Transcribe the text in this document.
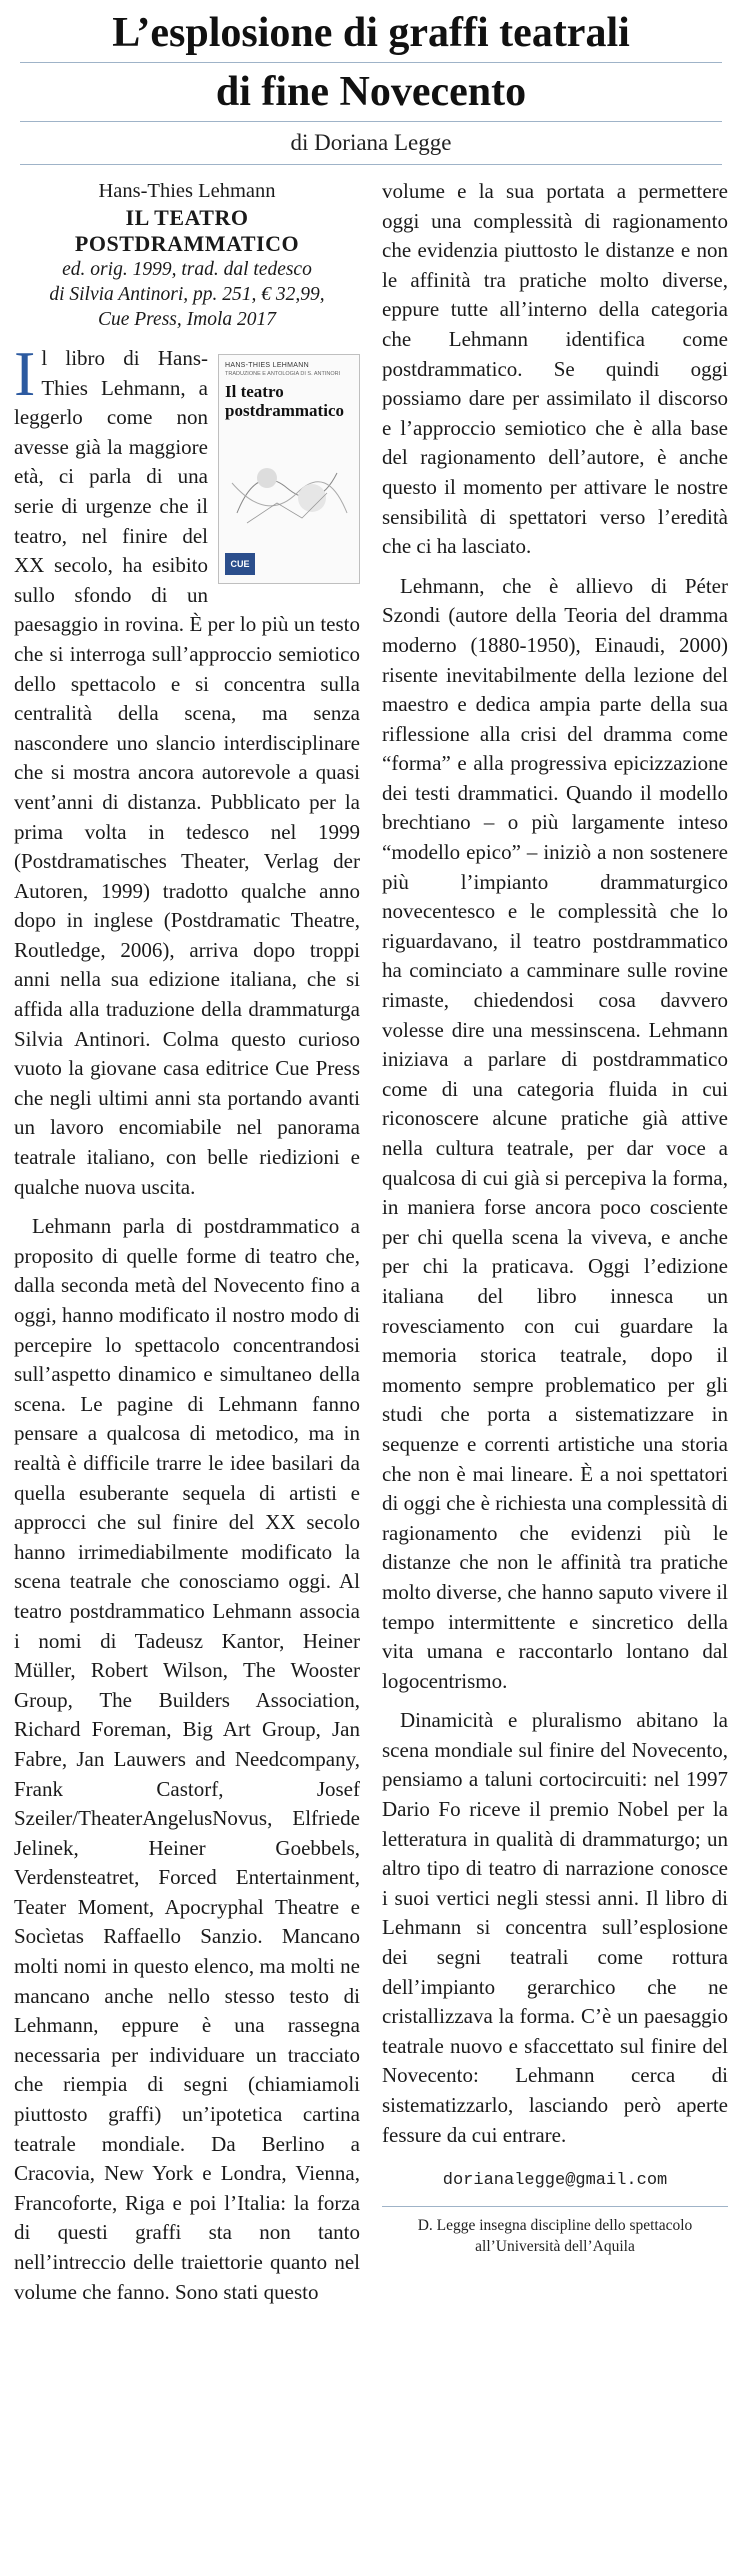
L’esplosione di graffi teatrali
di fine Novecento
di Doriana Legge
Hans-Thies Lehmann
IL TEATRO
POSTDRAMMATICO
ed. orig. 1999, trad. dal tedesco
di Silvia Antinori, pp. 251, € 32,99,
Cue Press, Imola 2017

I	HANS-THIES LEHMANN
TRADUZIONE E ANTOLOGIA DI S. ANTINORI
Il teatro
postdrammatico
CUE
l libro di Hans-Thies Lehmann, a leggerlo come non avesse già la maggiore età, ci parla di una serie di urgenze che il teatro, nel finire del XX secolo, ha esibito sullo sfondo di un paesaggio in rovina. È per lo più un testo che si interroga sull’approccio semiotico dello spettacolo e si concentra sulla centralità della scena, ma senza nascondere uno slancio interdisciplinare che si mostra ancora autorevole a quasi vent’anni di distanza. Pubblicato per la prima volta in tedesco nel 1999 (Postdramatisches Theater, Verlag der Autoren, 1999) tradotto qualche anno dopo in inglese (Postdramatic Theatre, Routledge, 2006), arriva dopo troppi anni nella sua edizione italiana, che si affida alla traduzione della drammaturga Silvia Antinori. Colma questo curioso vuoto la giovane casa editrice Cue Press che negli ultimi anni sta portando avanti un lavoro encomiabile nel panorama teatrale italiano, con belle riedizioni e qualche nuova uscita.

Lehmann parla di postdrammatico a proposito di quelle forme di teatro che, dalla seconda metà del Novecento fino a oggi, hanno modificato il nostro modo di percepire lo spettacolo concentrandosi sull’aspetto dinamico e simultaneo della scena. Le pagine di Lehmann fanno pensare a qualcosa di metodico, ma in realtà è difficile trarre le idee basilari da quella esuberante sequela di artisti e approcci che sul finire del XX secolo hanno irrimediabilmente modificato la scena teatrale che conosciamo oggi. Al teatro postdrammatico Lehmann associa i nomi di Tadeusz Kantor, Heiner Müller, Robert Wilson, The Wooster Group, The Builders Association, Richard Foreman, Big Art Group, Jan Fabre, Jan Lauwers and Needcompany, Frank Castorf, Josef Szeiler/TheaterAngelusNovus, Elfriede Jelinek, Heiner Goebbels, Verdensteatret, Forced Entertainment, Teater Moment, Apocryphal Theatre e Socìetas Raffaello Sanzio. Mancano molti nomi in questo elenco, ma molti ne mancano anche nello stesso testo di Lehmann, eppure è una rassegna necessaria per individuare un tracciato che riempia di segni (chiamiamoli piuttosto graffi) un’ipotetica cartina teatrale mondiale. Da Berlino a Cracovia, New York e Londra, Vienna, Francoforte, Riga e poi l’Italia: la forza di questi graffi sta non tanto nell’intreccio delle traiettorie quanto nel volume che fanno. Sono stati questo

volume e la sua portata a permettere oggi una complessità di ragionamento che evidenzia piuttosto le distanze e non le affinità tra pratiche molto diverse, eppure tutte all’interno della categoria che Lehmann identifica come postdrammatico. Se quindi oggi possiamo dare per assimilato il discorso e l’approccio semiotico che è alla base del ragionamento dell’autore, è anche questo il momento per attivare le nostre sensibilità di spettatori verso l’eredità che ci ha lasciato.

Lehmann, che è allievo di Péter Szondi (autore della Teoria del dramma moderno (1880-1950), Einaudi, 2000) risente inevitabilmente della lezione del maestro e dedica ampia parte della sua riflessione alla crisi del dramma come “forma” e alla progressiva epicizzazione dei testi drammatici. Quando il modello brechtiano – o più largamente inteso “modello epico” – iniziò a non sostenere più l’impianto drammaturgico novecentesco e le complessità che lo riguardavano, il teatro postdrammatico ha cominciato a camminare sulle rovine rimaste, chiedendosi cosa davvero volesse dire una messinscena. Lehmann iniziava a parlare di postdrammatico come di una categoria fluida in cui riconoscere alcune pratiche già attive nella cultura teatrale, per dar voce a qualcosa di cui già si percepiva la forma, in maniera forse ancora poco cosciente per chi quella scena la viveva, e anche per chi la praticava. Oggi l’edizione italiana del libro innesca un rovesciamento con cui guardare la memoria storica teatrale, dopo il momento sempre problematico per gli studi che porta a sistematizzare in sequenze e correnti artistiche una storia che non è mai lineare. È a noi spettatori di oggi che è richiesta una complessità di ragionamento che evidenzi più le distanze che non le affinità tra pratiche molto diverse, che hanno saputo vivere il tempo intermittente e sincretico della vita umana e raccontarlo lontano dal logocentrismo.

Dinamicità e pluralismo abitano la scena mondiale sul finire del Novecento, pensiamo a taluni cortocircuiti: nel 1997 Dario Fo riceve il premio Nobel per la letteratura in qualità di drammaturgo; un altro tipo di teatro di narrazione conosce i suoi vertici negli stessi anni. Il libro di Lehmann si concentra sull’esplosione dei segni teatrali come rottura dell’impianto gerarchico che ne cristallizzava la forma. C’è un paesaggio teatrale nuovo e sfaccettato sul finire del Novecento: Lehmann cerca di sistematizzarlo, lasciando però aperte fessure da cui entrare.

dorianalegge@gmail.com
D. Legge insegna discipline dello spettacolo
all’Università dell’Aquila
